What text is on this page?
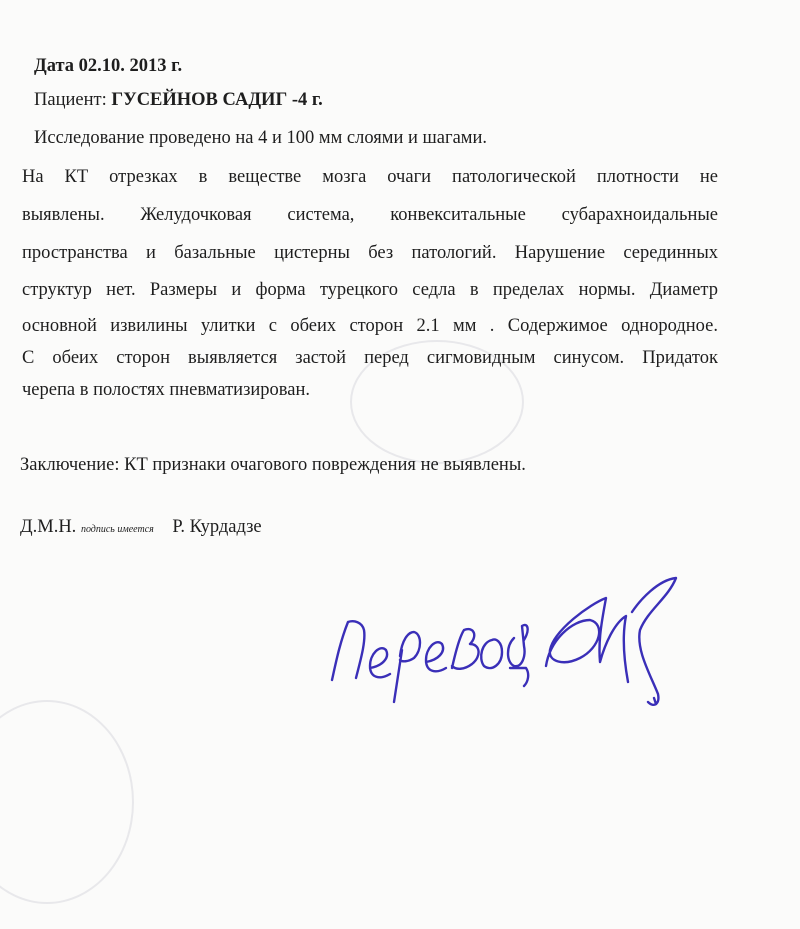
Дата 02.10. 2013 г.
Пациент: ГУСЕЙНОВ САДИГ -4 г.
Исследование проведено на 4 и 100 мм слоями и шагами.
На КТ отрезках в веществе мозга очаги патологической плотности не
выявлены. Желудочковая система, конвекситальные субарахноидальные
пространства и базальные цистерны без патологий. Нарушение серединных
структур нет. Размеры и форма турецкого седла в пределах нормы. Диаметр
основной извилины улитки с обеих сторон 2.1 мм . Содержимое однородное.
С обеих сторон выявляется застой перед сигмовидным синусом. Придаток
черепа в полостях пневматизирован.
Заключение: КТ признаки очагового повреждения не выявлены.
Д.М.Н. подпись имеется Р. Курдадзе
